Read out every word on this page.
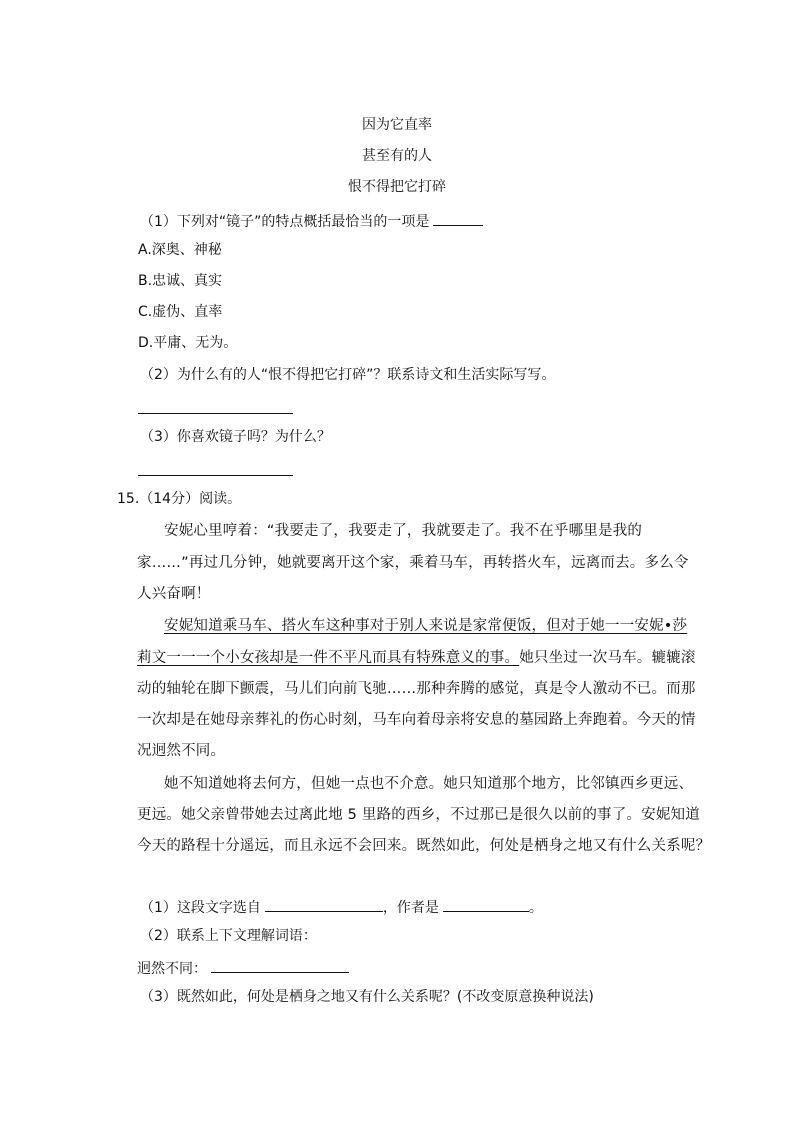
因为它直率
甚至有的人
恨不得把它打碎
（1）下列对“镜子”的特点概括最恰当的一项是
A.深奥、神秘
B.忠诚、真实
C.虚伪、直率
D.平庸、无为。
（2）为什么有的人“恨不得把它打碎”？联系诗文和生活实际写写。
（3）你喜欢镜子吗？为什么？
15.（14分）阅读。
安妮心里哼着：“我要走了，我要走了，我就要走了。我不在乎哪里是我的
家……”再过几分钟，她就要离开这个家，乘着马车，再转搭火车，远离而去。多么令
人兴奋啊！
安妮知道乘马车、搭火车这种事对于别人来说是家常便饭，但对于她一一安妮•莎
莉文一一一个小女孩却是一件不平凡而具有特殊意义的事。她只坐过一次马车。辘辘滚
动的轴轮在脚下颤震，马儿们向前飞驰……那种奔腾的感觉，真是令人激动不已。而那
一次却是在她母亲葬礼的伤心时刻，马车向着母亲将安息的墓园路上奔跑着。今天的情
况迥然不同。
她不知道她将去何方，但她一点也不介意。她只知道那个地方，比邻镇西乡更远、
更远。她父亲曾带她去过离此地 5 里路的西乡，不过那已是很久以前的事了。安妮知道
今天的路程十分遥远，而且永远不会回来。既然如此，何处是栖身之地又有什么关系呢？
（1）这段文字选自	，作者是	。
（2）联系上下文理解词语：
迥然不同：
（3）既然如此，何处是栖身之地又有什么关系呢？(不改变原意换种说法)
